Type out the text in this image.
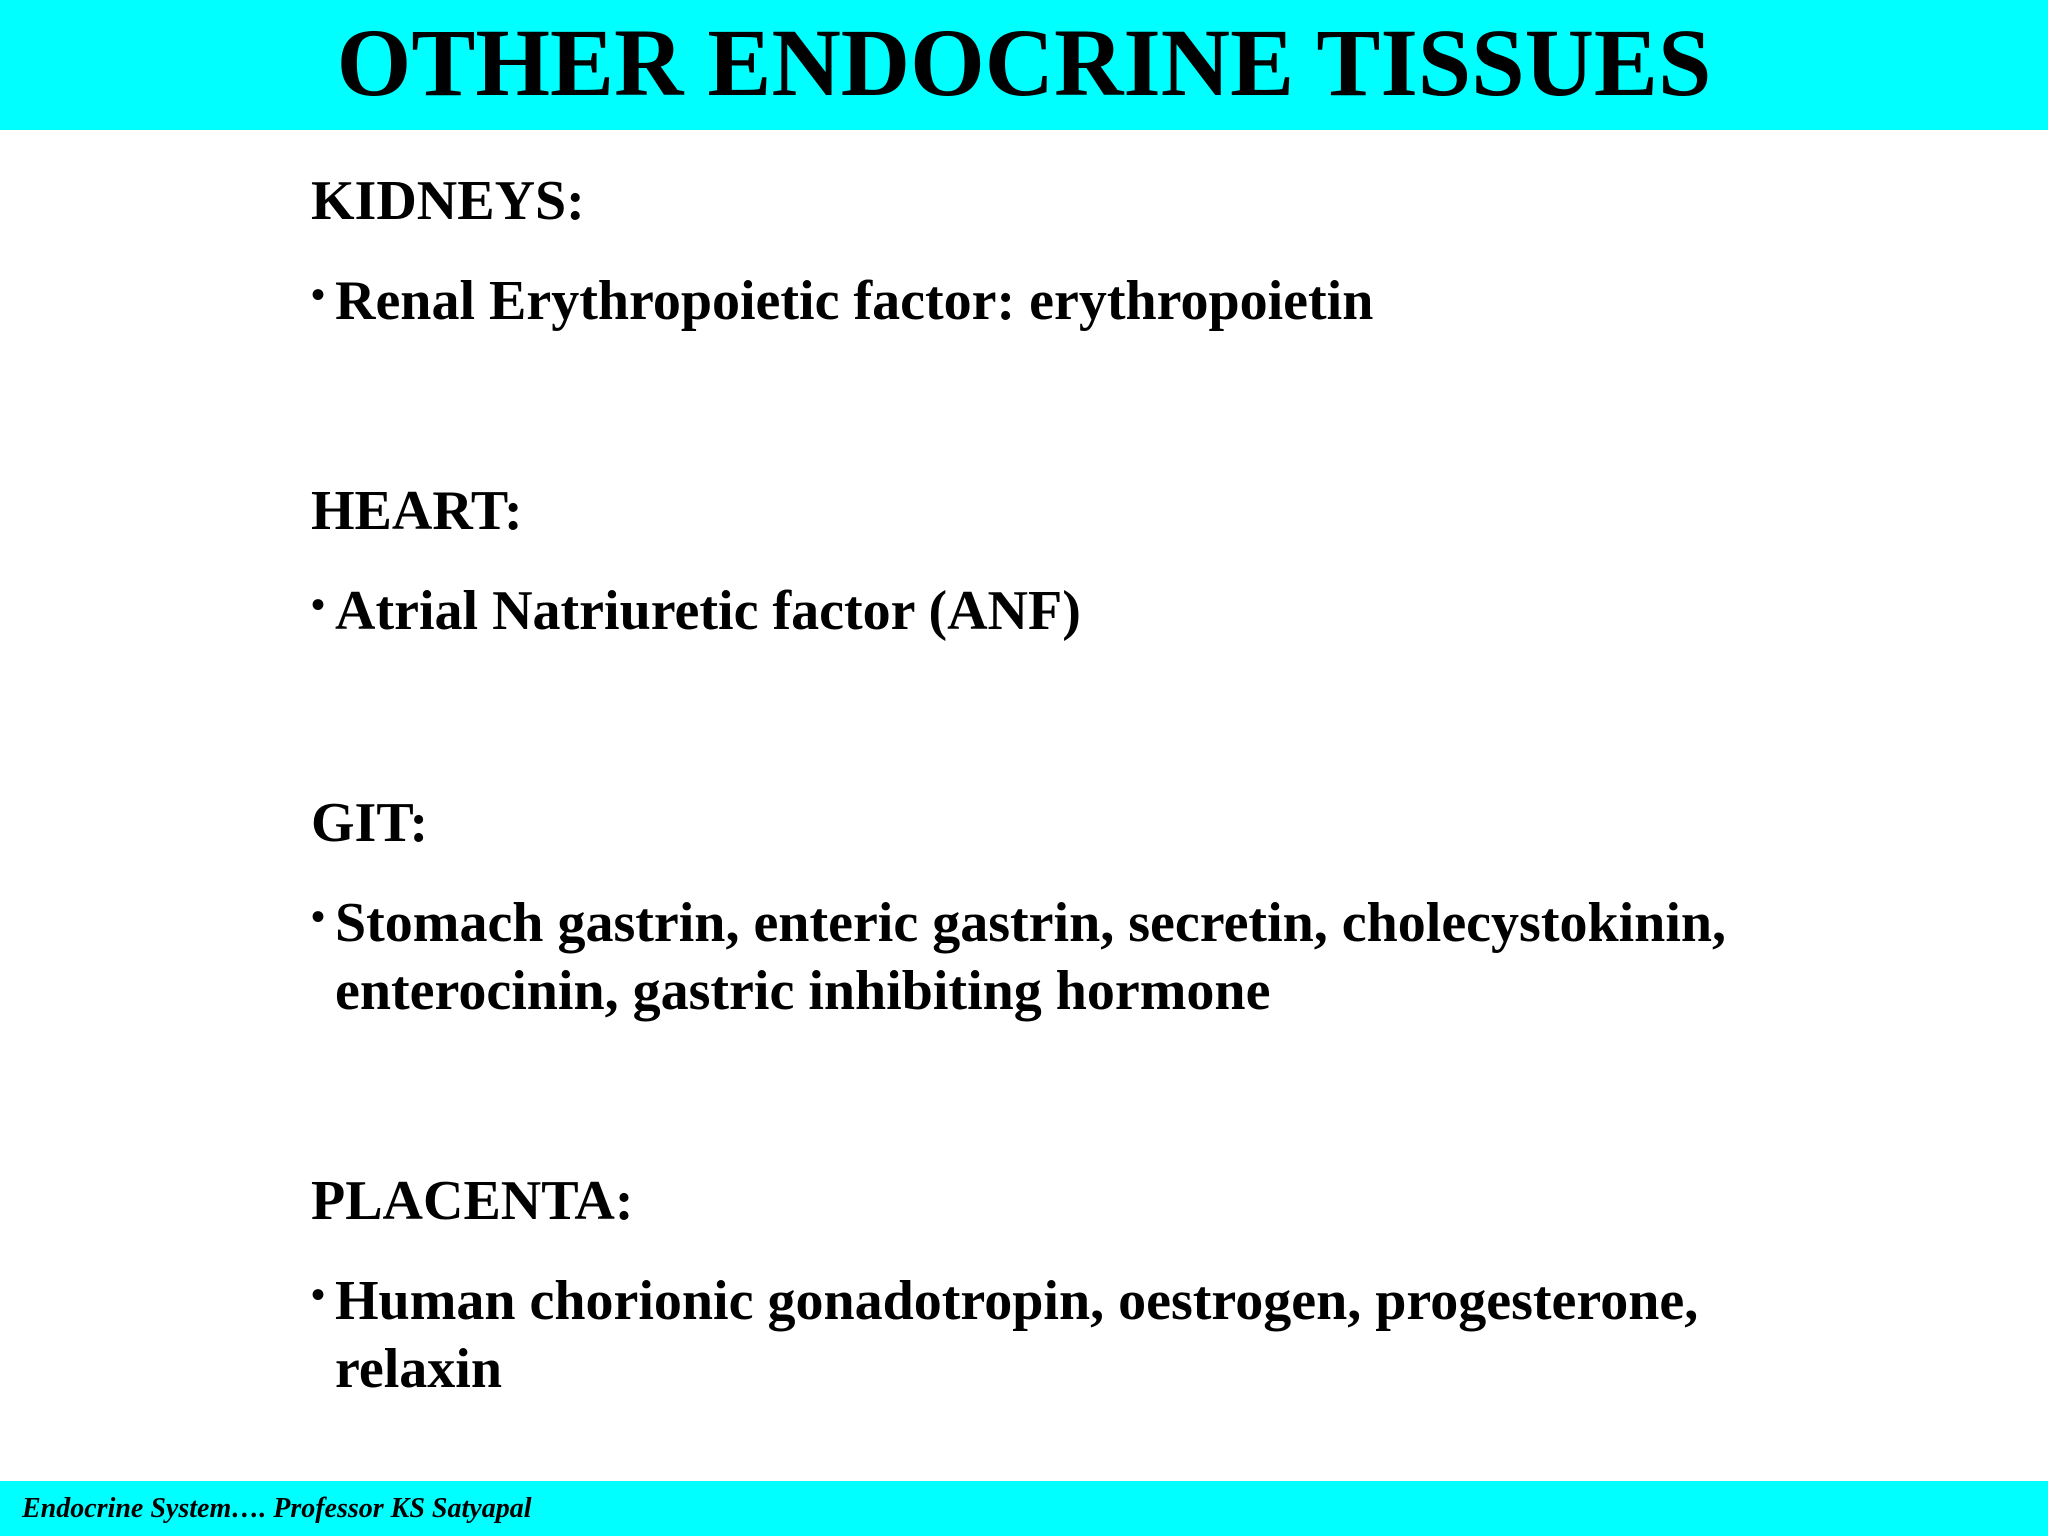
OTHER ENDOCRINE TISSUES
KIDNEYS:
• Renal Erythropoietic factor: erythropoietin
HEART:
• Atrial Natriuretic factor (ANF)
GIT:
• Stomach gastrin, enteric gastrin, secretin, cholecystokinin, enterocinin, gastric inhibiting hormone
PLACENTA:
• Human chorionic gonadotropin, oestrogen, progesterone, relaxin
Endocrine System…. Professor KS Satyapal
